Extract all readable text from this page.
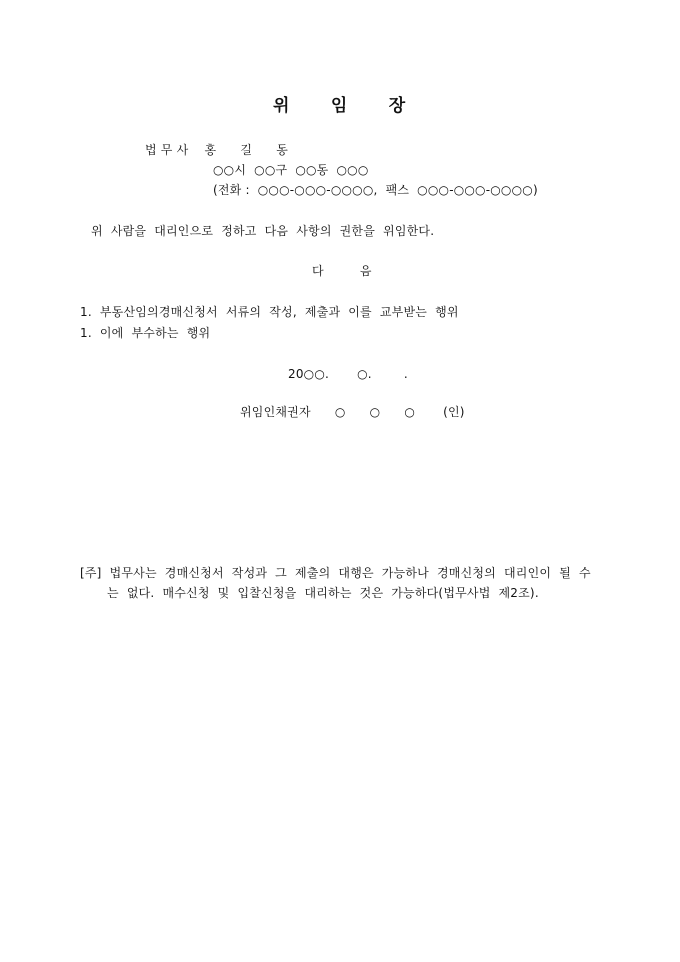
위       임       장
법 무 사    홍      길      동
○○시  ○○구  ○○동  ○○○
(전화 :  ○○○-○○○-○○○○,  팩스  ○○○-○○○-○○○○)
위  사람을  대리인으로  정하고  다음  사항의  권한을  위임한다.
다         음
1.  부동산임의경매신청서  서류의  작성,  제출과  이를  교부받는  행위
1.  이에  부수하는  행위
20○○.       ○.        .
위임인채권자      ○      ○      ○       (인)
[주]  법무사는  경매신청서  작성과  그  제출의  대행은  가능하나  경매신청의  대리인이  될  수
는  없다.  매수신청  및  입찰신청을  대리하는  것은  가능하다(법무사법  제2조).
